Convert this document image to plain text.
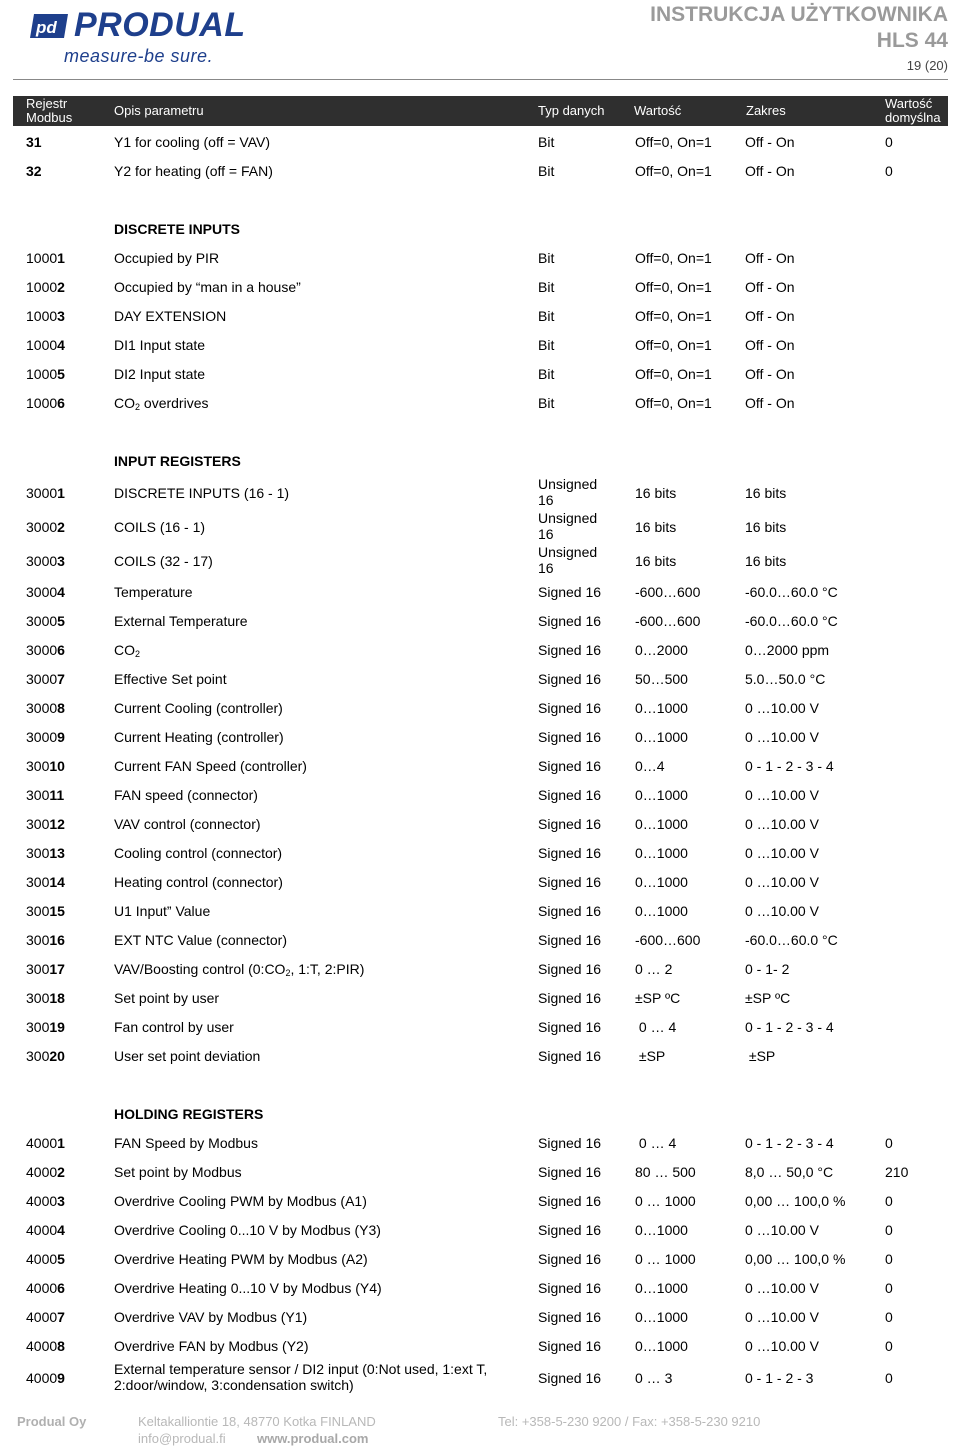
pd PRODUAL
measure-be sure.
INSTRUKCJA UŻYTKOWNIKA
HLS 44
19 (20)
Rejestr
Modbus	Opis parametru	Typ danych Wartość	Zakres	Wartość
domyślna
31	Y1 for cooling (off = VAV)	Bit	Off=0, On=1 Off - On	0
32	Y2 for heating (off = FAN)	Bit	Off=0, On=1 Off - On	0
DISCRETE INPUTS
10001	Occupied by PIR	Bit	Off=0, On=1 Off - On
10002	Occupied by “man in a house”	Bit	Off=0, On=1 Off - On
10003	DAY EXTENSION	Bit	Off=0, On=1 Off - On
10004	DI1 Input state	Bit	Off=0, On=1 Off - On
10005	DI2 Input state	Bit	Off=0, On=1 Off - On
10006	$CO_2$ overdrives	Bit	Off=0, On=1 Off - On
INPUT REGISTERS
30001	DISCRETE INPUTS (16 - 1)
Unsigned
16	16 bits	16 bits
30002	COILS (16 - 1)
Unsigned
16	16 bits	16 bits
30003	COILS (32 - 17)
Unsigned
16	16 bits	16 bits
30004	Temperature	Signed 16 -600…600	-60.0…60.0 °C
30005	External Temperature	Signed 16 -600…600	-60.0…60.0 °C
30006	$CO_2$	Signed 16 0…2000	0…2000 ppm
30007	Effective Set point	Signed 16 50…500	5.0…50.0 °C
30008	Current Cooling (controller)	Signed 16 0…1000	0 …10.00 V
30009	Current Heating (controller)	Signed 16 0…1000	0 …10.00 V
30010	Current FAN Speed (controller)	Signed 16 0…4	0 - 1 - 2 - 3 - 4
30011	FAN speed (connector)	Signed 16 0…1000	0 …10.00 V
30012	VAV control (connector)	Signed 16 0…1000	0 …10.00 V
30013	Cooling control (connector)	Signed 16 0…1000	0 …10.00 V
30014	Heating control (connector)	Signed 16 0…1000	0 …10.00 V
30015	U1 Input” Value	Signed 16 0…1000	0 …10.00 V
30016	EXT NTC Value (connector)	Signed 16 -600…600	-60.0…60.0 °C
30017	VAV/Boosting control ($0:CO_2$, 1:T, 2:PIR)	Signed 16 0 … 2	0 - 1- 2
30018	Set point by user	Signed 16 ±SP ºC	±SP ºC
30019	Fan control by user	Signed 16 0 … 4	0 - 1 - 2 - 3 - 4
30020	User set point deviation	Signed 16 ±SP	±SP
HOLDING REGISTERS
40001	FAN Speed by Modbus	Signed 16 0 … 4	0 - 1 - 2 - 3 - 4	0
40002	Set point by Modbus	Signed 16 80 … 500	8,0 … 50,0 °C	210
40003	Overdrive Cooling PWM by Modbus (A1)	Signed 16 0 … 1000	0,00 … 100,0 %	0
40004	Overdrive Cooling 0...10 V by Modbus (Y3)	Signed 16 0…1000	0 …10.00 V	0
40005	Overdrive Heating PWM by Modbus (A2)	Signed 16 0 … 1000	0,00 … 100,0 %	0
40006	Overdrive Heating 0...10 V by Modbus (Y4)	Signed 16 0…1000	0 …10.00 V	0
40007	Overdrive VAV by Modbus (Y1)	Signed 16 0…1000	0 …10.00 V	0
40008	Overdrive FAN by Modbus (Y2)	Signed 16 0…1000	0 …10.00 V	0
40009
External temperature sensor / DI2 input (0:Not used, 1:ext T,
2:door/window, 3:condensation switch)	Signed 16 0 … 3	0 - 1 - 2 - 3	0
Produal Oy	Keltakalliontie 18, 48770 Kotka FINLAND
info@produal.fi www.produal.com
Tel: +358-5-230 9200 / Fax: +358-5-230 9210
